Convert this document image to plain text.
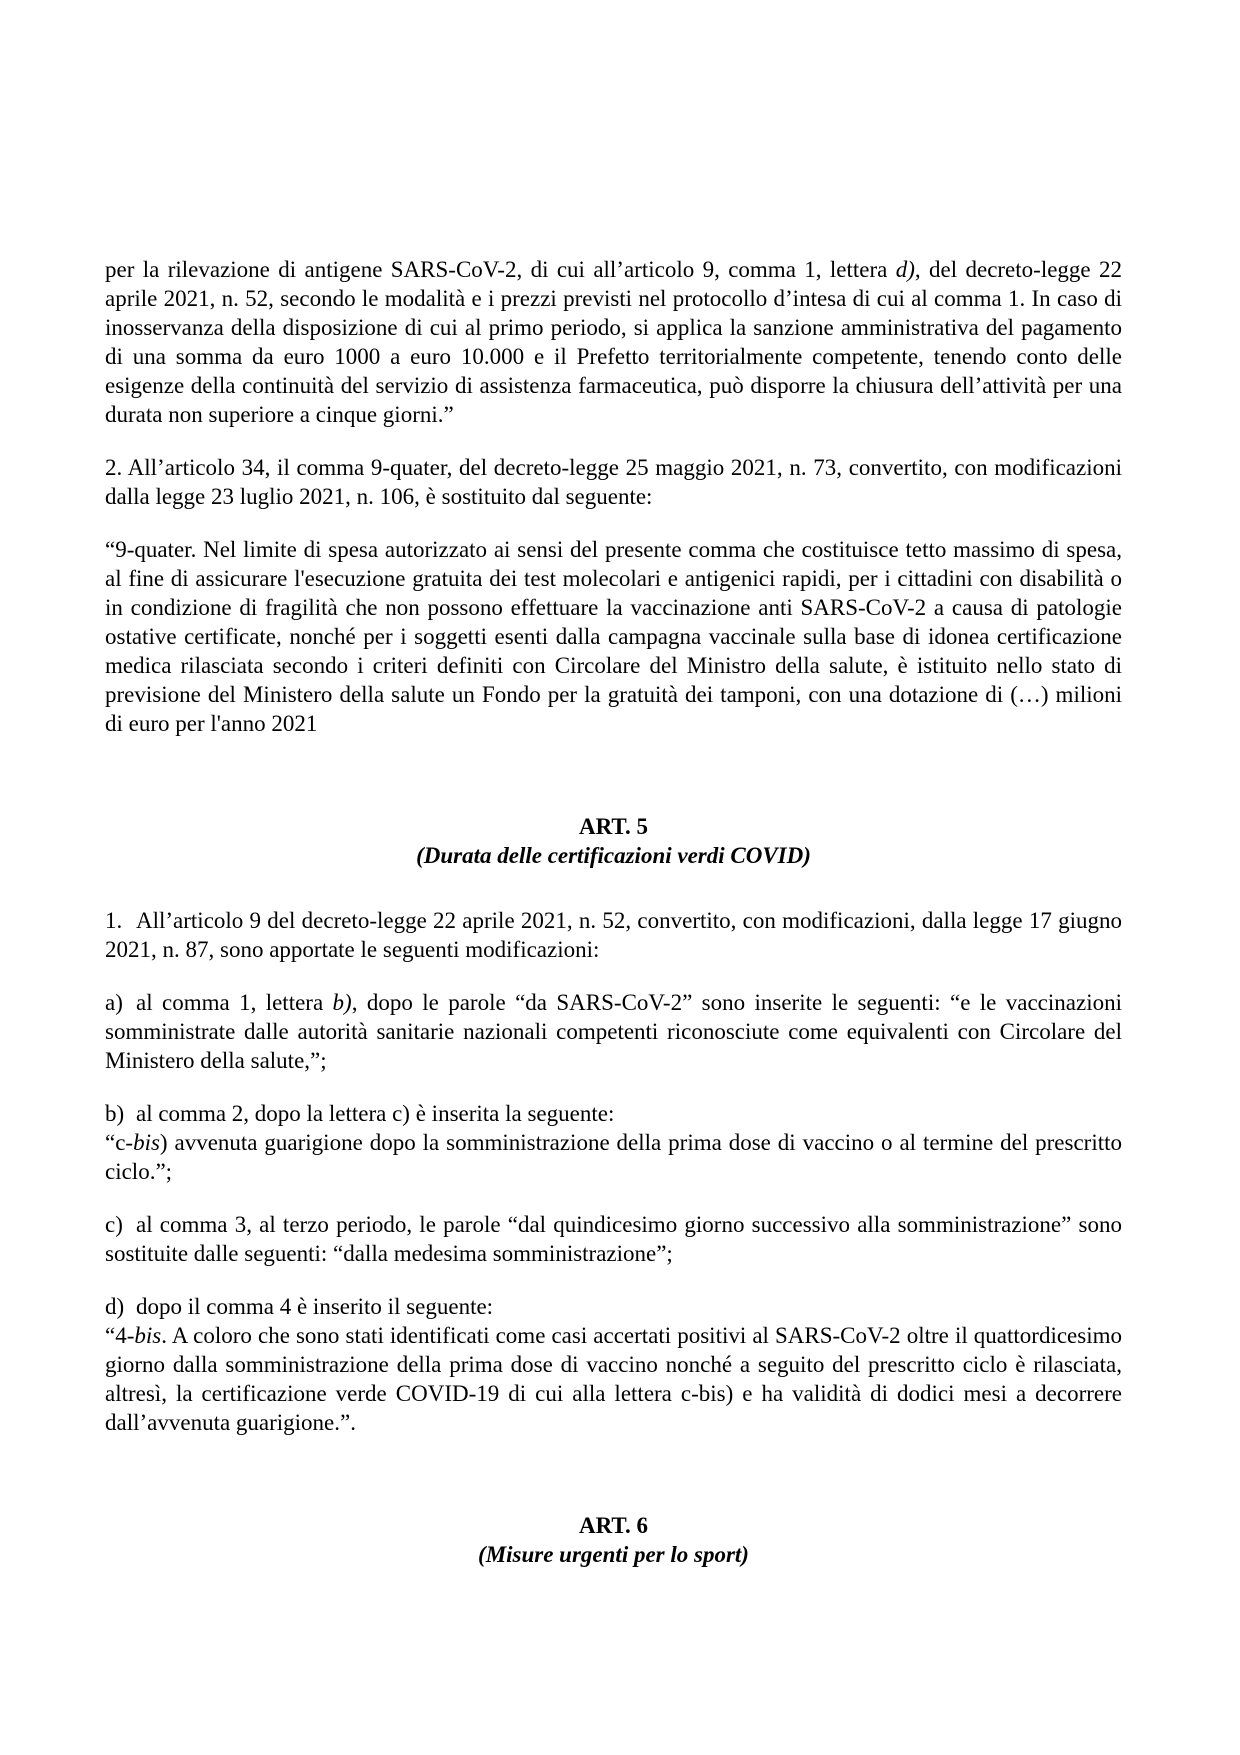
per la rilevazione di antigene SARS-CoV-2, di cui all’articolo 9, comma 1, lettera d), del decreto-legge 22 aprile 2021, n. 52, secondo le modalità e i prezzi previsti nel protocollo d’intesa di cui al comma 1. In caso di inosservanza della disposizione di cui al primo periodo, si applica la sanzione amministrativa del pagamento di una somma da euro 1000 a euro 10.000 e il Prefetto territorialmente competente, tenendo conto delle esigenze della continuità del servizio di assistenza farmaceutica, può disporre la chiusura dell’attività per una durata non superiore a cinque giorni.”

2. All’articolo 34, il comma 9-quater, del decreto-legge 25 maggio 2021, n. 73, convertito, con modificazioni dalla legge 23 luglio 2021, n. 106, è sostituito dal seguente:

“9-quater. Nel limite di spesa autorizzato ai sensi del presente comma che costituisce tetto massimo di spesa, al fine di assicurare l'esecuzione gratuita dei test molecolari e antigenici rapidi, per i cittadini con disabilità o in condizione di fragilità che non possono effettuare la vaccinazione anti SARS-CoV-2 a causa di patologie ostative certificate, nonché per i soggetti esenti dalla campagna vaccinale sulla base di idonea certificazione medica rilasciata secondo i criteri definiti con Circolare del Ministro della salute, è istituito nello stato di previsione del Ministero della salute un Fondo per la gratuità dei tamponi, con una dotazione di (…) milioni di euro per l'anno 2021

ART. 5
(Durata delle certificazioni verdi COVID)

1. All’articolo 9 del decreto-legge 22 aprile 2021, n. 52, convertito, con modificazioni, dalla legge 17 giugno 2021, n. 87, sono apportate le seguenti modificazioni:

a) al comma 1, lettera b), dopo le parole “da SARS-CoV-2” sono inserite le seguenti: “e le vaccinazioni somministrate dalle autorità sanitarie nazionali competenti riconosciute come equivalenti con Circolare del Ministero della salute,”;

b) al comma 2, dopo la lettera c) è inserita la seguente:
“c-bis) avvenuta guarigione dopo la somministrazione della prima dose di vaccino o al termine del prescritto ciclo.”;

c) al comma 3, al terzo periodo, le parole “dal quindicesimo giorno successivo alla somministrazione” sono sostituite dalle seguenti: “dalla medesima somministrazione”;

d) dopo il comma 4 è inserito il seguente:
“4-bis. A coloro che sono stati identificati come casi accertati positivi al SARS-CoV-2 oltre il quattordicesimo giorno dalla somministrazione della prima dose di vaccino nonché a seguito del prescritto ciclo è rilasciata, altresì, la certificazione verde COVID-19 di cui alla lettera c-bis) e ha validità di dodici mesi a decorrere dall’avvenuta guarigione.”.
ART. 6
(Misure urgenti per lo sport)
